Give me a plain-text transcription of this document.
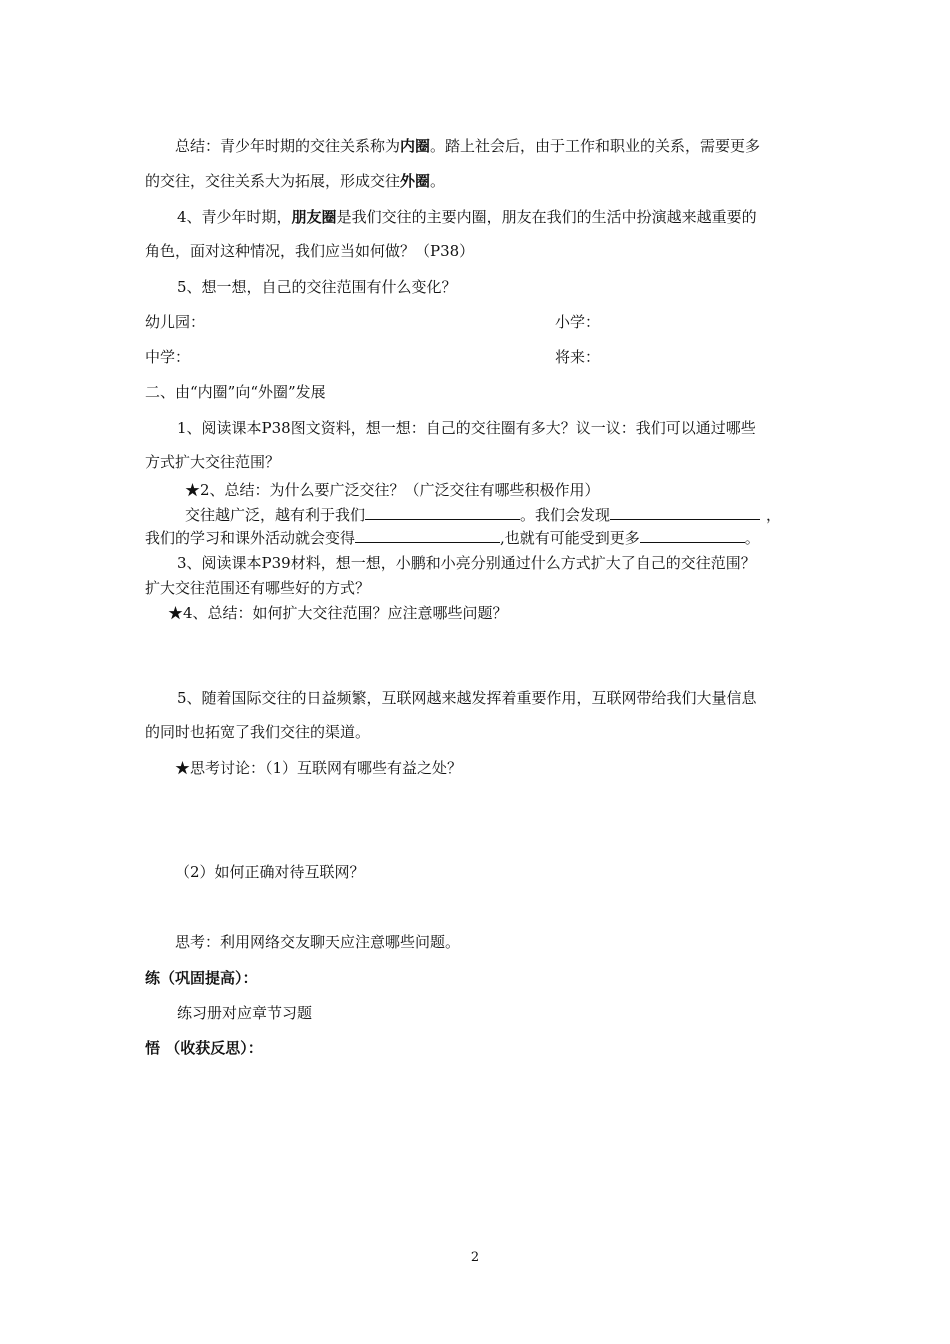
总结：青少年时期的交往关系称为内圈。踏上社会后，由于工作和职业的关系，需要更多
的交往，交往关系大为拓展，形成交往外圈。
4、青少年时期，朋友圈是我们交往的主要内圈，朋友在我们的生活中扮演越来越重要的
角色，面对这种情况，我们应当如何做？（P38）
5、想一想，自己的交往范围有什么变化？
幼儿园：	小学：
中学：	将来：
二、由“内圈”向“外圈”发展
1、阅读课本P38图文资料，想一想：自己的交往圈有多大？议一议：我们可以通过哪些
方式扩大交往范围？
★2、总结：为什么要广泛交往？（广泛交往有哪些积极作用）
交往越广泛，越有利于我们	。我们会发现	，
我们的学习和课外活动就会变得	,也就有可能受到更多	。
3、阅读课本P39材料，想一想，小鹏和小亮分别通过什么方式扩大了自己的交往范围？
扩大交往范围还有哪些好的方式？
★4、总结：如何扩大交往范围？应注意哪些问题？
5、随着国际交往的日益频繁，互联网越来越发挥着重要作用，互联网带给我们大量信息
的同时也拓宽了我们交往的渠道。
★思考讨论：（1）互联网有哪些有益之处？
（2）如何正确对待互联网？
思考：利用网络交友聊天应注意哪些问题。
练（巩固提高）：
练习册对应章节习题
悟 （收获反思）：
2
